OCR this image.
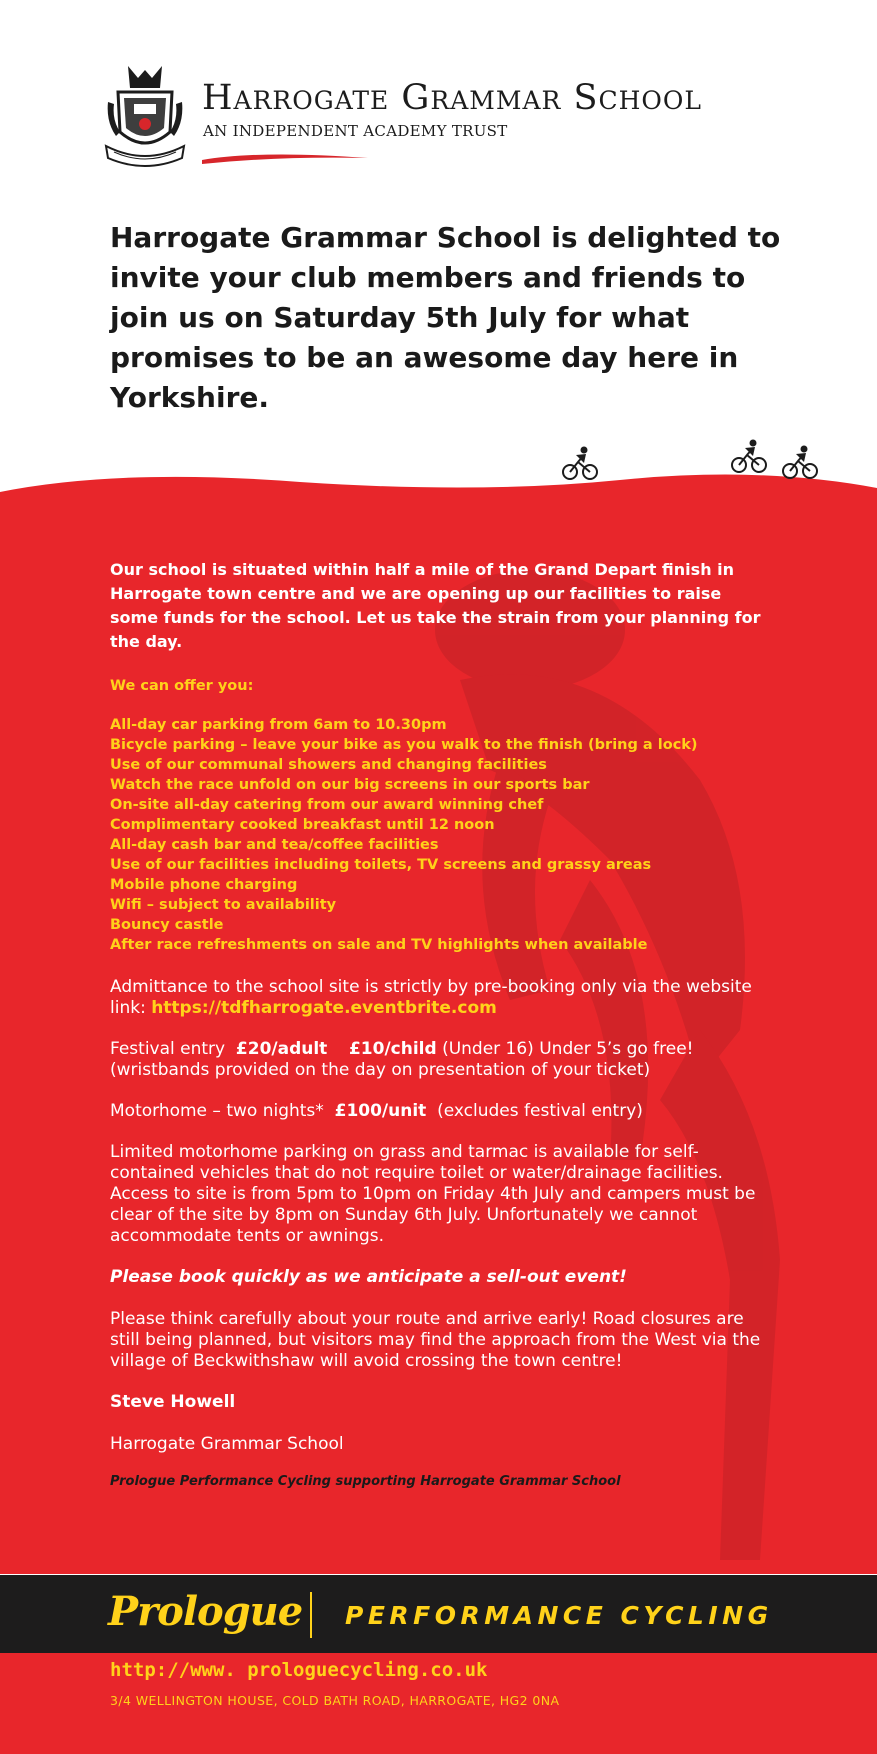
Harrogate Grammar School
AN INDEPENDENT ACADEMY TRUST
Harrogate Grammar School is delighted to invite your club members and friends to join us on Saturday 5th July for what promises to be an awesome day here in Yorkshire.

Our school is situated within half a mile of the Grand Depart finish in Harrogate town centre and we are opening up our facilities to raise some funds for the school. Let us take the strain from your planning for the day.

We can offer you:

All-day car parking from 6am to 10.30pm
Bicycle parking – leave your bike as you walk to the finish (bring a lock)
Use of our communal showers and changing facilities
Watch the race unfold on our big screens in our sports bar
On-site all-day catering from our award winning chef
Complimentary cooked breakfast until 12 noon
All-day cash bar and tea/coffee facilities
Use of our facilities including toilets, TV screens and grassy areas
Mobile phone charging
Wifi – subject to availability
Bouncy castle
After race refreshments on sale and TV highlights when available

Admittance to the school site is strictly by pre-booking only via the website link: https://tdfharrogate.eventbrite.com

Festival entry £20/adult £10/child (Under 16) Under 5’s go free!
(wristbands provided on the day on presentation of your ticket)

Motorhome – two nights* £100/unit (excludes festival entry)

Limited motorhome parking on grass and tarmac is available for self-contained vehicles that do not require toilet or water/drainage facilities. Access to site is from 5pm to 10pm on Friday 4th July and campers must be clear of the site by 8pm on Sunday 6th July. Unfortunately we cannot accommodate tents or awnings.

Please book quickly as we anticipate a sell-out event!

Please think carefully about your route and arrive early! Road closures are still being planned, but visitors may find the approach from the West via the village of Beckwithshaw will avoid crossing the town centre!

Steve Howell

Harrogate Grammar School

Prologue Performance Cycling supporting Harrogate Grammar School

Prologue PERFORMANCE CYCLING
http://www. prologuecycling.co.uk
3/4 WELLINGTON HOUSE, COLD BATH ROAD, HARROGATE, HG2 0NA
